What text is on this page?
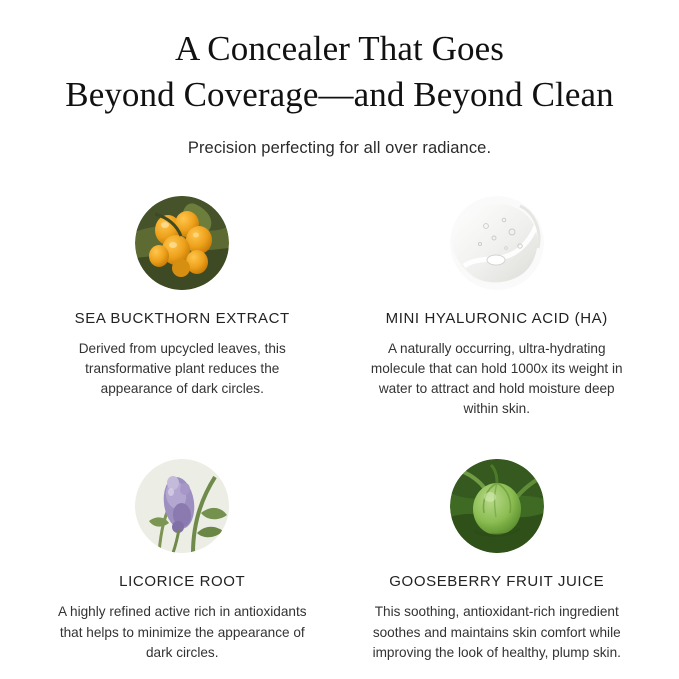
A Concealer That Goes
Beyond Coverage—and Beyond Clean
Precision perfecting for all over radiance.
SEA BUCKTHORN EXTRACT
Derived from upcycled leaves, this transformative plant reduces the appearance of dark circles.
MINI HYALURONIC ACID (HA)
A naturally occurring, ultra-hydrating molecule that can hold 1000x its weight in water to attract and hold moisture deep within skin.
LICORICE ROOT
A highly refined active rich in antioxidants that helps to minimize the appearance of dark circles.
GOOSEBERRY FRUIT JUICE
This soothing, antioxidant-rich ingredient soothes and maintains skin comfort while improving the look of healthy, plump skin.
